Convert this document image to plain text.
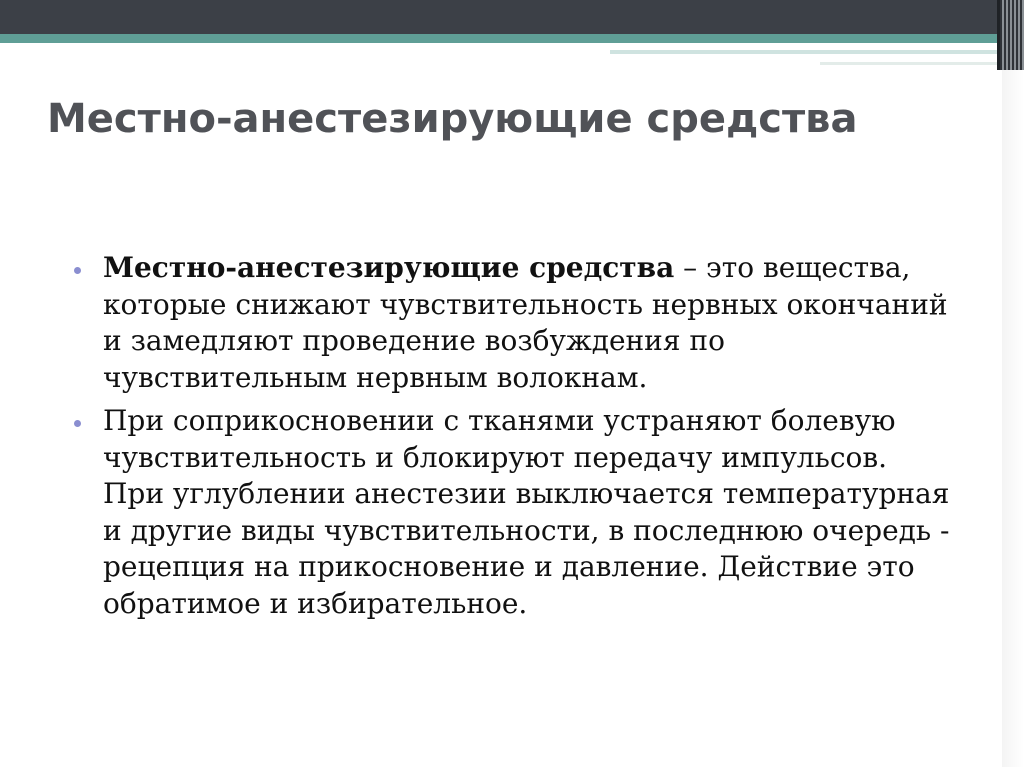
Местно-анестезирующие средства
Местно-анестезирующие средства – это вещества, которые снижают чувствительность нервных окончаний и замедляют проведение возбуждения по чувствительным нервным волокнам.
При соприкосновении с тканями устраняют болевую чувствительность и блокируют передачу импульсов. При углублении анестезии выключается температурная и другие виды чувствительности, в последнюю очередь - рецепция на прикосновение и давление. Действие это обратимое и избирательное.
